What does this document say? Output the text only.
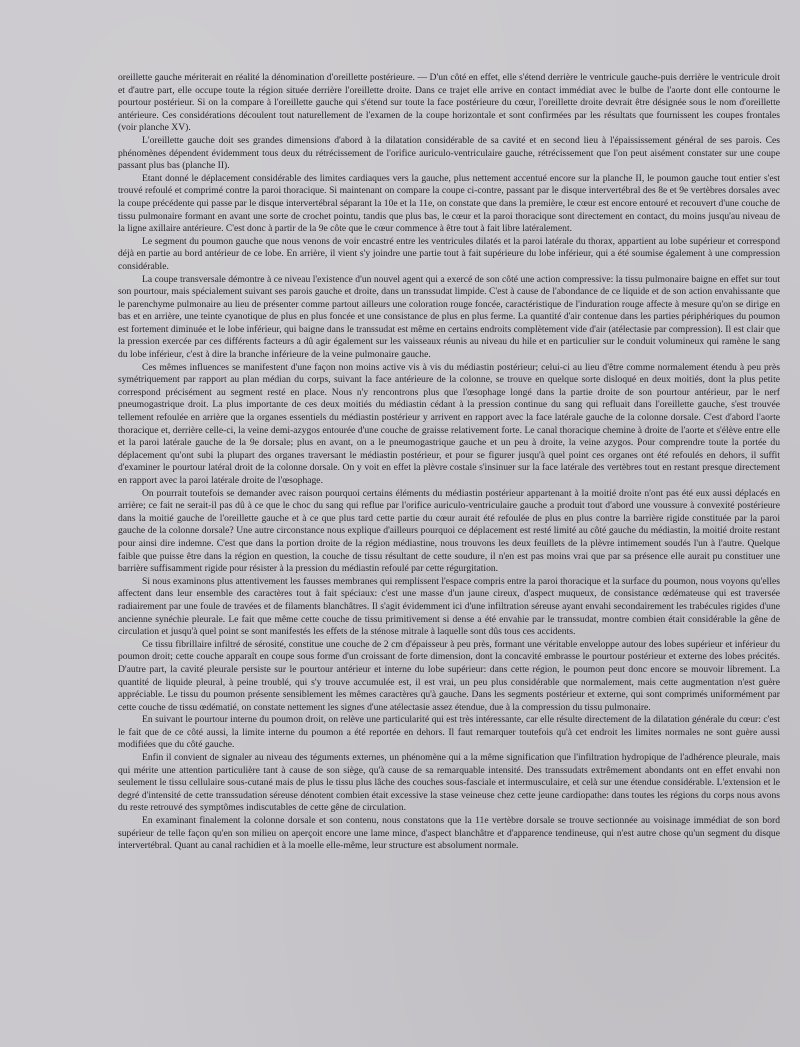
oreillette gauche mériterait en réalité la dénomination d'oreillette postérieure. — D'un côté en effet, elle s'étend derrière le ventricule gauche-puis derrière le ventricule droit et d'autre part, elle occupe toute la région située derrière l'oreillette droite. Dans ce trajet elle arrive en contact immédiat avec le bulbe de l'aorte dont elle contourne le pourtour postérieur. Si on la compare à l'oreillette gauche qui s'étend sur toute la face postérieure du cœur, l'oreillette droite devrait être désignée sous le nom d'oreillette antérieure. Ces considérations découlent tout naturellement de l'examen de la coupe horizontale et sont confirmées par les résultats que fournissent les coupes frontales (voir planche XV).

L'oreillette gauche doit ses grandes dimensions d'abord à la dilatation considérable de sa cavité et en second lieu à l'épaississement général de ses parois. Ces phénomènes dépendent évidemment tous deux du rétrécissement de l'orifice auriculo-ventriculaire gauche, rétrécissement que l'on peut aisément constater sur une coupe passant plus bas (planche II).

Etant donné le déplacement considérable des limites cardiaques vers la gauche, plus nettement accentué encore sur la planche II, le poumon gauche tout entier s'est trouvé refoulé et comprimé contre la paroi thoracique. Si maintenant on compare la coupe ci-contre, passant par le disque intervertébral des 8e et 9e vertèbres dorsales avec la coupe précédente qui passe par le disque intervertébral séparant la 10e et la 11e, on constate que dans la première, le cœur est encore entouré et recouvert d'une couche de tissu pulmonaire formant en avant une sorte de crochet pointu, tandis que plus bas, le cœur et la paroi thoracique sont directement en contact, du moins jusqu'au niveau de la ligne axillaire antérieure. C'est donc à partir de la 9e côte que le cœur commence à être tout à fait libre latéralement.

Le segment du poumon gauche que nous venons de voir encastré entre les ventricules dilatés et la paroi latérale du thorax, appartient au lobe supérieur et correspond déjà en partie au bord antérieur de ce lobe. En arrière, il vient s'y joindre une partie tout à fait supérieure du lobe inférieur, qui a été soumise également à une compression considérable.

La coupe transversale démontre à ce niveau l'existence d'un nouvel agent qui a exercé de son côté une action compressive: la tissu pulmonaire baigne en effet sur tout son pourtour, mais spécialement suivant ses parois gauche et droite, dans un transsudat limpide. C'est à cause de l'abondance de ce liquide et de son action envahissante que le parenchyme pulmonaire au lieu de présenter comme partout ailleurs une coloration rouge foncée, caractéristique de l'induration rouge affecte à mesure qu'on se dirige en bas et en arrière, une teinte cyanotique de plus en plus foncée et une consistance de plus en plus ferme. La quantité d'air contenue dans les parties périphériques du poumon est fortement diminuée et le lobe inférieur, qui baigne dans le transsudat est même en certains endroits complètement vide d'air (atélectasie par compression). Il est clair que la pression exercée par ces différents facteurs a dû agir également sur les vaisseaux réunis au niveau du hile et en particulier sur le conduit volumineux qui ramène le sang du lobe inférieur, c'est à dire la branche inférieure de la veine pulmonaire gauche.

Ces mêmes influences se manifestent d'une façon non moins active vis à vis du médiastin postérieur; celui-ci au lieu d'être comme normalement étendu à peu près symétriquement par rapport au plan médian du corps, suivant la face antérieure de la colonne, se trouve en quelque sorte disloqué en deux moitiés, dont la plus petite correspond précisément au segment resté en place. Nous n'y rencontrons plus que l'œsophage longé dans la partie droite de son pourtour antérieur, par le nerf pneumogastrique droit. La plus importante de ces deux moitiés du médiastin cédant à la pression continue du sang qui refluait dans l'oreillette gauche, s'est trouvée tellement refoulée en arrière que la organes essentiels du médiastin postérieur y arrivent en rapport avec la face latérale gauche de la colonne dorsale. C'est d'abord l'aorte thoracique et, derrière celle-ci, la veine demi-azygos entourée d'une couche de graisse relativement forte. Le canal thoracique chemine à droite de l'aorte et s'élève entre elle et la paroi latérale gauche de la 9e dorsale; plus en avant, on a le pneumogastrique gauche et un peu à droite, la veine azygos. Pour comprendre toute la portée du déplacement qu'ont subi la plupart des organes traversant le médiastin postérieur, et pour se figurer jusqu'à quel point ces organes ont été refoulés en dehors, il suffit d'examiner le pourtour latéral droit de la colonne dorsale. On y voit en effet la plèvre costale s'insinuer sur la face latérale des vertèbres tout en restant presque directement en rapport avec la paroi latérale droite de l'œsophage.

On pourrait toutefois se demander avec raison pourquoi certains éléments du médiastin postérieur appartenant à la moitié droite n'ont pas été eux aussi déplacés en arrière; ce fait ne serait-il pas dû à ce que le choc du sang qui reflue par l'orifice auriculo-ventriculaire gauche a produit tout d'abord une voussure à convexité postérieure dans la moitié gauche de l'oreillette gauche et à ce que plus tard cette partie du cœur aurait été refoulée de plus en plus contre la barrière rigide constituée par la paroi gauche de la colonne dorsale? Une autre circonstance nous explique d'ailleurs pourquoi ce déplacement est resté limité au côté gauche du médiastin, la moitié droite restant pour ainsi dire indemne. C'est que dans la portion droite de la région médiastine, nous trouvons les deux feuillets de la plèvre intimement soudés l'un à l'autre. Quelque faible que puisse être dans la région en question, la couche de tissu résultant de cette soudure, il n'en est pas moins vrai que par sa présence elle aurait pu constituer une barrière suffisamment rigide pour résister à la pression du médiastin refoulé par cette régurgitation.

Si nous examinons plus attentivement les fausses membranes qui remplissent l'espace compris entre la paroi thoracique et la surface du poumon, nous voyons qu'elles affectent dans leur ensemble des caractères tout à fait spéciaux: c'est une masse d'un jaune cireux, d'aspect muqueux, de consistance œdémateuse qui est traversée radiairement par une foule de travées et de filaments blanchâtres. Il s'agit évidemment ici d'une infiltration séreuse ayant envahi secondairement les trabécules rigides d'une ancienne synéchie pleurale. Le fait que même cette couche de tissu primitivement si dense a été envahie par le transsudat, montre combien était considérable la gêne de circulation et jusqu'à quel point se sont manifestés les effets de la sténose mitrale à laquelle sont dûs tous ces accidents.

Ce tissu fibrillaire infiltré de sérosité, constitue une couche de 2 cm d'épaisseur à peu près, formant une véritable enveloppe autour des lobes supérieur et inférieur du poumon droit; cette couche apparaît en coupe sous forme d'un croissant de forte dimension, dont la concavité embrasse le pourtour postérieur et externe des lobes précités. D'autre part, la cavité pleurale persiste sur le pourtour antérieur et interne du lobe supérieur: dans cette région, le poumon peut donc encore se mouvoir librement. La quantité de liquide pleural, à peine troublé, qui s'y trouve accumulée est, il est vrai, un peu plus considérable que normalement, mais cette augmentation n'est guère appréciable. Le tissu du poumon présente sensiblement les mêmes caractères qu'à gauche. Dans les segments postérieur et externe, qui sont comprimés uniformément par cette couche de tissu œdématié, on constate nettement les signes d'une atélectasie assez étendue, due à la compression du tissu pulmonaire.

En suivant le pourtour interne du poumon droit, on relève une particularité qui est très intéressante, car elle résulte directement de la dilatation générale du cœur: c'est le fait que de ce côté aussi, la limite interne du poumon a été reportée en dehors. Il faut remarquer toutefois qu'à cet endroit les limites normales ne sont guère aussi modifiées que du côté gauche.

Enfin il convient de signaler au niveau des téguments externes, un phénomène qui a la même signification que l'infiltration hydropique de l'adhérence pleurale, mais qui mérite une attention particulière tant à cause de son siège, qu'à cause de sa remarquable intensité. Des transsudats extrêmement abondants ont en effet envahi non seulement le tissu cellulaire sous-cutané mais de plus le tissu plus lâche des couches sous-fasciale et intermusculaire, et celà sur une étendue considérable. L'extension et le degré d'intensité de cette transsudation séreuse dénotent combien était excessive la stase veineuse chez cette jeune cardiopathe: dans toutes les régions du corps nous avons du reste retrouvé des symptômes indiscutables de cette gêne de circulation.

En examinant finalement la colonne dorsale et son contenu, nous constatons que la 11e vertèbre dorsale se trouve sectionnée au voisinage immédiat de son bord supérieur de telle façon qu'en son milieu on aperçoit encore une lame mince, d'aspect blanchâtre et d'apparence tendineuse, qui n'est autre chose qu'un segment du disque intervertébral. Quant au canal rachidien et à la moelle elle-même, leur structure est absolument normale.
